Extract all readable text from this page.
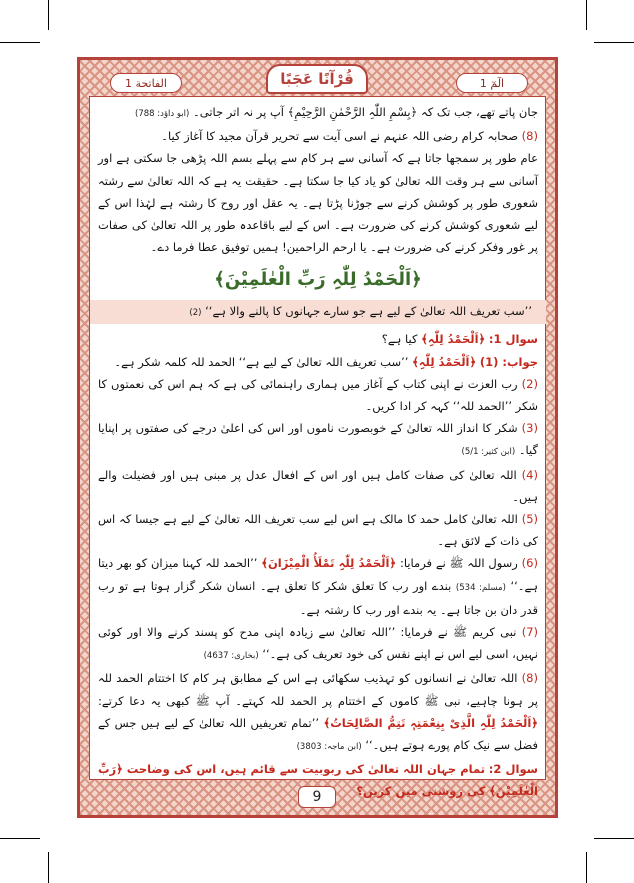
الفاتحة 1	قُرْآنًا عَجَبًا	الٓمٓ 1

جان پاتے تھے، جب تک کہ ﴿بِسْمِ اللّٰہِ الرَّحْمٰنِ الرَّحِیْمِ﴾ آپ پر نہ اتر جاتی۔ (ابو داؤد: 788)

(8) صحابہ کرام رضی اللہ عنہم نے اسی آیت سے تحریر قرآن مجید کا آغاز کیا۔

عام طور پر سمجھا جاتا ہے کہ آسانی سے ہر کام سے پہلے بسم اللہ پڑھی جا سکتی ہے اور آسانی سے ہر وقت اللہ تعالیٰ کو یاد کیا جا سکتا ہے۔ حقیقت یہ ہے کہ اللہ تعالیٰ سے رشتہ شعوری طور پر کوشش کرنے سے جوڑنا پڑتا ہے۔ یہ عقل اور روح کا رشتہ ہے لہٰذا اس کے لیے شعوری کوشش کرنے کی ضرورت ہے۔ اس کے لیے باقاعدہ طور پر اللہ تعالیٰ کی صفات پر غور وفکر کرنے کی ضرورت ہے۔ یا ارحم الراحمین! ہمیں توفیق عطا فرما دے۔

﴿اَلْحَمْدُ لِلّٰہِ رَبِّ الْعٰلَمِیْنَ﴾
’’سب تعریف اللہ تعالیٰ کے لیے ہے جو سارے جہانوں کا پالنے والا ہے‘‘ (2)

سوال 1: ﴿اَلْحَمْدُ لِلّٰہِ﴾ کیا ہے؟

جواب: (1) ﴿اَلْحَمْدُ لِلّٰہِ﴾ ’’سب تعریف اللہ تعالیٰ کے لیے ہے‘‘ الحمد للہ کلمہ شکر ہے۔

(2) رب العزت نے اپنی کتاب کے آغاز میں ہماری راہنمائی کی ہے کہ ہم اس کی نعمتوں کا شکر ’’الحمد للہ‘‘ کہہ کر ادا کریں۔

(3) شکر کا انداز اللہ تعالیٰ کے خوبصورت ناموں اور اس کی اعلیٰ درجے کی صفتوں پر اپنایا گیا۔ (ابن کثیر: 5/1)

(4) اللہ تعالیٰ کی صفات کامل ہیں اور اس کے افعال عدل پر مبنی ہیں اور فضیلت والے ہیں۔

(5) اللہ تعالیٰ کامل حمد کا مالک ہے اس لیے سب تعریف اللہ تعالیٰ کے لیے ہے جیسا کہ اس کی ذات کے لائق ہے۔

(6) رسول اللہ ﷺ نے فرمایا: ﴿اَلْحَمْدُ لِلّٰہِ تَمْلَأُ الْمِیْزَانَ﴾ ’’الحمد للہ کہنا میزان کو بھر دیتا ہے۔‘‘ (مسلم: 534) بندے اور رب کا تعلق شکر کا تعلق ہے۔ انسان شکر گزار ہوتا ہے تو رب قدر دان بن جاتا ہے۔ یہ بندے اور رب کا رشتہ ہے۔

(7) نبی کریم ﷺ نے فرمایا: ’’اللہ تعالیٰ سے زیادہ اپنی مدح کو پسند کرنے والا اور کوئی نہیں، اسی لیے اس نے اپنے نفس کی خود تعریف کی ہے۔‘‘ (بخاری: 4637)

(8) اللہ تعالیٰ نے انسانوں کو تہذیب سکھائی ہے اس کے مطابق ہر کام کا اختتام الحمد للہ پر ہونا چاہیے، نبی ﷺ کاموں کے اختتام پر الحمد للہ کہتے۔ آپ ﷺ کبھی یہ دعا کرتے: ﴿اَلْحَمْدُ لِلّٰہِ الَّذِیْ بِنِعْمَتِہٖ تَتِمُّ الصَّالِحَاتُ﴾ ’’تمام تعریفیں اللہ تعالیٰ کے لیے ہیں جس کے فضل سے نیک کام پورے ہوتے ہیں۔‘‘ (ابن ماجہ: 3803)

سوال 2: تمام جہان اللہ تعالیٰ کی ربوبیت سے قائم ہیں، اس کی وضاحت ﴿رَبِّ الْعٰلَمِیْنَ﴾ کی روشنی میں کریں؟

9
